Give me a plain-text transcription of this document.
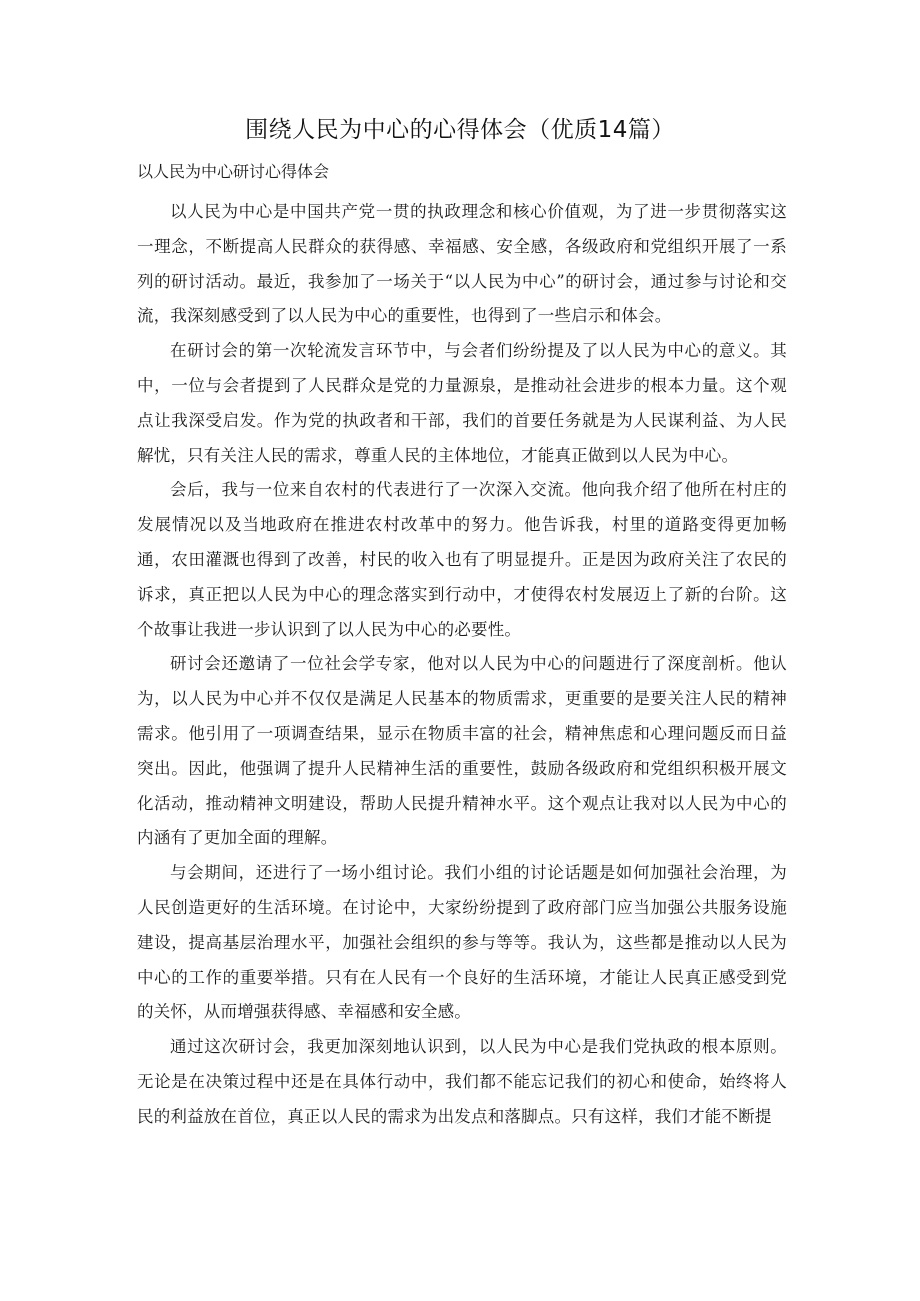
围绕人民为中心的心得体会（优质14篇）

以人民为中心研讨心得体会

以人民为中心是中国共产党一贯的执政理念和核心价值观，为了进一步贯彻落实这一理念，不断提高人民群众的获得感、幸福感、安全感，各级政府和党组织开展了一系列的研讨活动。最近，我参加了一场关于“以人民为中心”的研讨会，通过参与讨论和交流，我深刻感受到了以人民为中心的重要性，也得到了一些启示和体会。

在研讨会的第一次轮流发言环节中，与会者们纷纷提及了以人民为中心的意义。其中，一位与会者提到了人民群众是党的力量源泉，是推动社会进步的根本力量。这个观点让我深受启发。作为党的执政者和干部，我们的首要任务就是为人民谋利益、为人民解忧，只有关注人民的需求，尊重人民的主体地位，才能真正做到以人民为中心。

会后，我与一位来自农村的代表进行了一次深入交流。他向我介绍了他所在村庄的发展情况以及当地政府在推进农村改革中的努力。他告诉我，村里的道路变得更加畅通，农田灌溉也得到了改善，村民的收入也有了明显提升。正是因为政府关注了农民的诉求，真正把以人民为中心的理念落实到行动中，才使得农村发展迈上了新的台阶。这个故事让我进一步认识到了以人民为中心的必要性。

研讨会还邀请了一位社会学专家，他对以人民为中心的问题进行了深度剖析。他认为，以人民为中心并不仅仅是满足人民基本的物质需求，更重要的是要关注人民的精神需求。他引用了一项调查结果，显示在物质丰富的社会，精神焦虑和心理问题反而日益突出。因此，他强调了提升人民精神生活的重要性，鼓励各级政府和党组织积极开展文化活动，推动精神文明建设，帮助人民提升精神水平。这个观点让我对以人民为中心的内涵有了更加全面的理解。

与会期间，还进行了一场小组讨论。我们小组的讨论话题是如何加强社会治理，为人民创造更好的生活环境。在讨论中，大家纷纷提到了政府部门应当加强公共服务设施建设，提高基层治理水平，加强社会组织的参与等等。我认为，这些都是推动以人民为中心的工作的重要举措。只有在人民有一个良好的生活环境，才能让人民真正感受到党的关怀，从而增强获得感、幸福感和安全感。

通过这次研讨会，我更加深刻地认识到，以人民为中心是我们党执政的根本原则。无论是在决策过程中还是在具体行动中，我们都不能忘记我们的初心和使命，始终将人民的利益放在首位，真正以人民的需求为出发点和落脚点。只有这样，我们才能不断提
